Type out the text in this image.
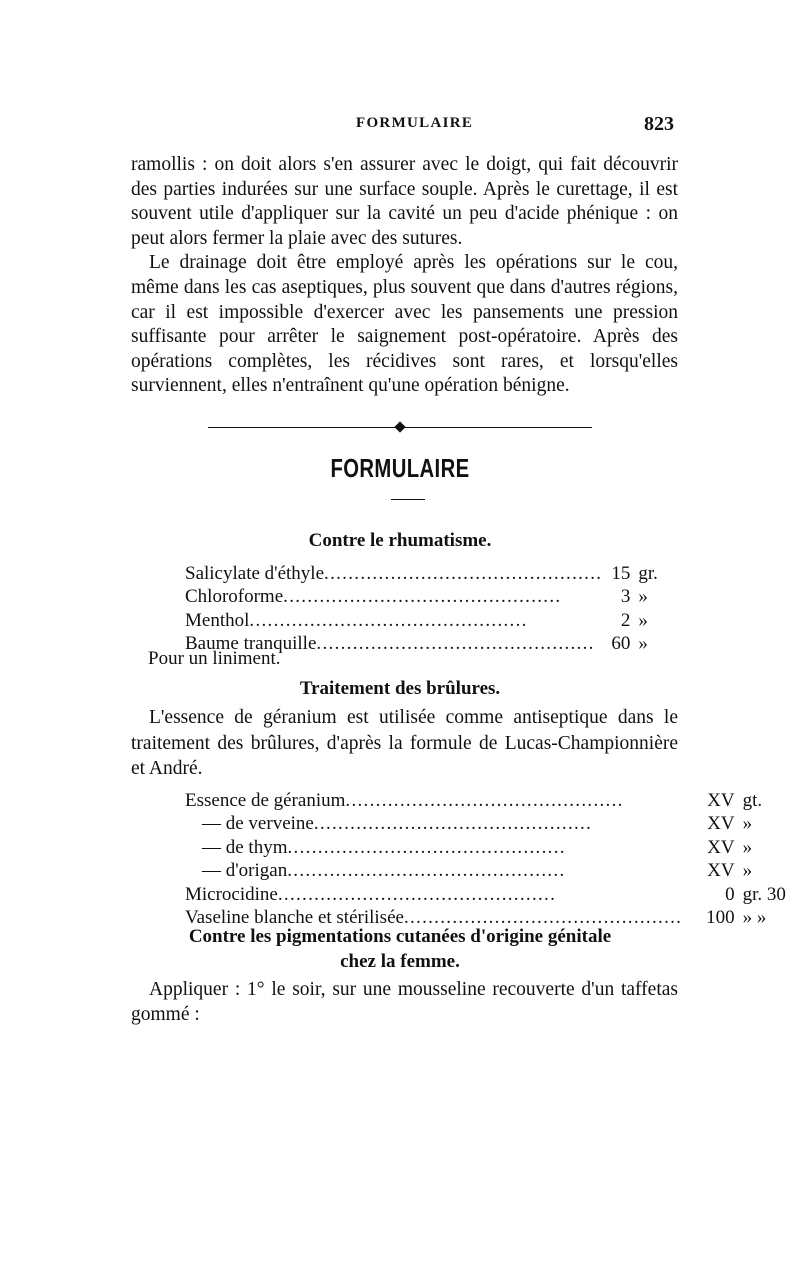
FORMULAIRE	823

ramollis : on doit alors s'en assurer avec le doigt, qui fait découvrir des parties indurées sur une surface souple. Après le curettage, il est souvent utile d'appliquer sur la cavité un peu d'acide phénique : on peut alors fermer la plaie avec des sutures.

Le drainage doit être employé après les opérations sur le cou, même dans les cas aseptiques, plus souvent que dans d'autres régions, car il est impossible d'exercer avec les pansements une pression suffisante pour arrêter le saignement post-opératoire. Après des opérations complètes, les récidives sont rares, et lorsqu'elles surviennent, elles n'entraînent qu'une opération bénigne.

FORMULAIRE
Contre le rhumatisme.
Salicylate d'éthyle..............................................	15	gr.
Chloroforme..............................................	3	»
Menthol..............................................	2	»
Baume tranquille..............................................	60	»
Pour un liniment.
Traitement des brûlures.

L'essence de géranium est utilisée comme antiseptique dans le traitement des brûlures, d'après la formule de Lucas-Championnière et André.

Essence de géranium..............................................	XV	gt.
— de verveine..............................................	XV	»
— de thym..............................................	XV	»
— d'origan..............................................	XV	»
Microcidine..............................................	0	gr. 30
Vaseline blanche et stérilisée..............................................	100	» »
Contre les pigmentations cutanées d'origine génitale
chez la femme.

Appliquer : 1° le soir, sur une mousseline recouverte d'un taffetas gommé :
